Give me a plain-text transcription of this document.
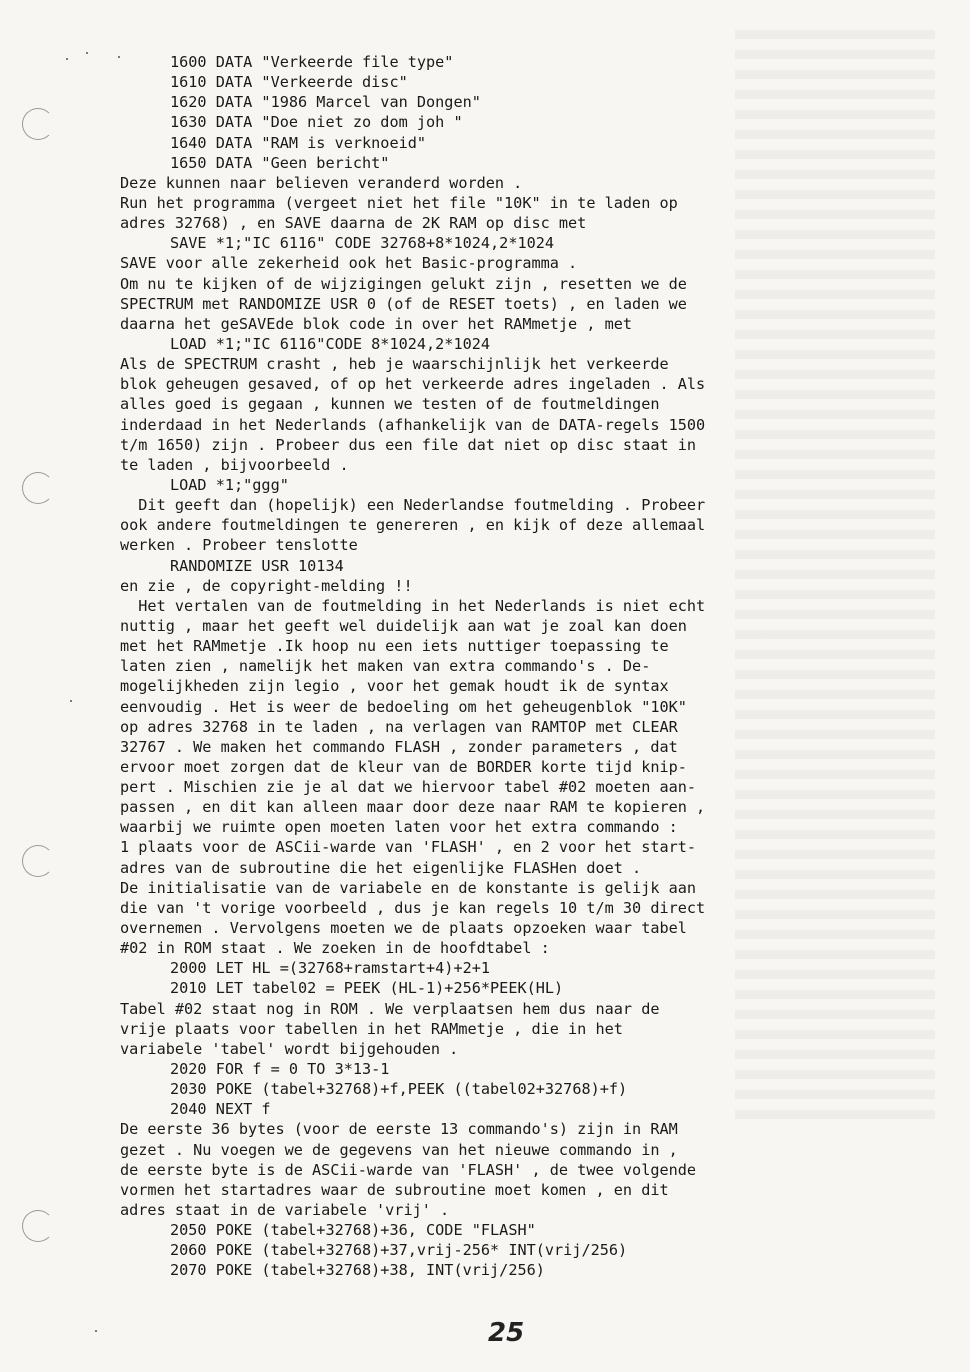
1600 DATA "Verkeerde file type"
1610 DATA "Verkeerde disc"
1620 DATA "1986 Marcel van Dongen"
1630 DATA "Doe niet zo dom joh "
1640 DATA "RAM is verknoeid"
1650 DATA "Geen bericht"
Deze kunnen naar believen veranderd worden .
Run het programma (vergeet niet het file "10K" in te laden op
adres 32768) , en SAVE daarna de 2K RAM op disc met
SAVE *1;"IC 6116" CODE 32768+8*1024,2*1024
SAVE voor alle zekerheid ook het Basic-programma .
Om nu te kijken of de wijzigingen gelukt zijn , resetten we de
SPECTRUM met RANDOMIZE USR 0 (of de RESET toets) , en laden we
daarna het geSAVEde blok code in over het RAMmetje , met
LOAD *1;"IC 6116"CODE 8*1024,2*1024
Als de SPECTRUM crasht , heb je waarschijnlijk het verkeerde
blok geheugen gesaved, of op het verkeerde adres ingeladen . Als
alles goed is gegaan , kunnen we testen of de foutmeldingen
inderdaad in het Nederlands (afhankelijk van de DATA-regels 1500
t/m 1650) zijn . Probeer dus een file dat niet op disc staat in
te laden , bijvoorbeeld .
LOAD *1;"ggg"
Dit geeft dan (hopelijk) een Nederlandse foutmelding . Probeer
ook andere foutmeldingen te genereren , en kijk of deze allemaal
werken . Probeer tenslotte
RANDOMIZE USR 10134
en zie , de copyright-melding !!
Het vertalen van de foutmelding in het Nederlands is niet echt
nuttig , maar het geeft wel duidelijk aan wat je zoal kan doen
met het RAMmetje .Ik hoop nu een iets nuttiger toepassing te
laten zien , namelijk het maken van extra commando's . De-
mogelijkheden zijn legio , voor het gemak houdt ik de syntax
eenvoudig . Het is weer de bedoeling om het geheugenblok "10K"
op adres 32768 in te laden , na verlagen van RAMTOP met CLEAR
32767 . We maken het commando FLASH , zonder parameters , dat
ervoor moet zorgen dat de kleur van de BORDER korte tijd knip-
pert . Mischien zie je al dat we hiervoor tabel #02 moeten aan-
passen , en dit kan alleen maar door deze naar RAM te kopieren ,
waarbij we ruimte open moeten laten voor het extra commando :
1 plaats voor de ASCii-warde van 'FLASH' , en 2 voor het start-
adres van de subroutine die het eigenlijke FLASHen doet .
De initialisatie van de variabele en de konstante is gelijk aan
die van 't vorige voorbeeld , dus je kan regels 10 t/m 30 direct
overnemen . Vervolgens moeten we de plaats opzoeken waar tabel
#02 in ROM staat . We zoeken in de hoofdtabel :
2000 LET HL =(32768+ramstart+4)+2+1
2010 LET tabel02 = PEEK (HL-1)+256*PEEK(HL)
Tabel #02 staat nog in ROM . We verplaatsen hem dus naar de
vrije plaats voor tabellen in het RAMmetje , die in het
variabele 'tabel' wordt bijgehouden .
2020 FOR f = 0 TO 3*13-1
2030 POKE (tabel+32768)+f,PEEK ((tabel02+32768)+f)
2040 NEXT f
De eerste 36 bytes (voor de eerste 13 commando's) zijn in RAM
gezet . Nu voegen we de gegevens van het nieuwe commando in ,
de eerste byte is de ASCii-warde van 'FLASH' , de twee volgende
vormen het startadres waar de subroutine moet komen , en dit
adres staat in de variabele 'vrij' .
2050 POKE (tabel+32768)+36, CODE "FLASH"
2060 POKE (tabel+32768)+37,vrij-256* INT(vrij/256)
2070 POKE (tabel+32768)+38, INT(vrij/256)
25
